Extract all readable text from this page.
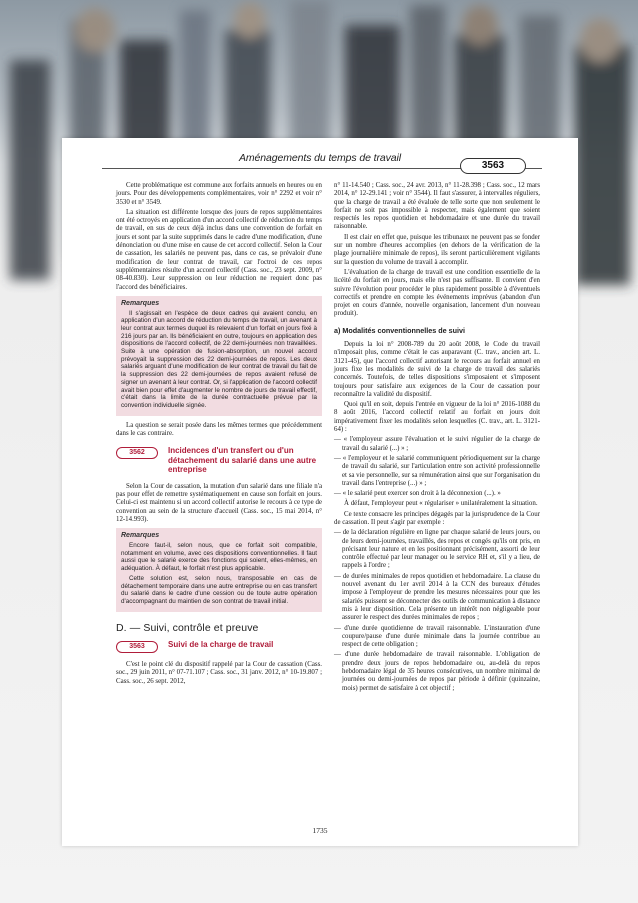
Aménagements du temps de travail
3563

Cette problématique est commune aux forfaits annuels en heures ou en jours. Pour des développements complémentaires, voir n° 2292 et voir n° 3530 et n° 3549.

La situation est différente lorsque des jours de repos supplémentaires ont été octroyés en application d'un accord collectif de réduction du temps de travail, en sus de ceux déjà inclus dans une convention de forfait en jours et sont par la suite supprimés dans le cadre d'une modification, d'une dénonciation ou d'une mise en cause de cet accord collectif. Selon la Cour de cassation, les salariés ne peuvent pas, dans ce cas, se prévaloir d'une modification de leur contrat de travail, car l'octroi de ces repos supplémentaires résulte d'un accord collectif (Cass. soc., 23 sept. 2009, n° 08-40.830). Leur suppression ou leur réduction ne requiert donc pas l'accord des bénéficiaires.

Remarques

Il s'agissait en l'espèce de deux cadres qui avaient conclu, en application d'un accord de réduction du temps de travail, un avenant à leur contrat aux termes duquel ils relevaient d'un forfait en jours fixé à 216 jours par an. Ils bénéficiaient en outre, toujours en application des dispositions de l'accord collectif, de 22 demi-journées non travaillées. Suite à une opération de fusion-absorption, un nouvel accord prévoyait la suppression des 22 demi-journées de repos. Les deux salariés arguant d'une modification de leur contrat de travail du fait de la suppression des 22 demi-journées de repos avaient refusé de signer un avenant à leur contrat. Or, si l'application de l'accord collectif avait bien pour effet d'augmenter le nombre de jours de travail effectif, c'était dans la limite de la durée contractuelle prévue par la convention individuelle signée.

La question se serait posée dans les mêmes termes que précédemment dans le cas contraire.

3562	Incidences d'un transfert ou d'un détachement du salarié dans une autre entreprise

Selon la Cour de cassation, la mutation d'un salarié dans une filiale n'a pas pour effet de remettre systématiquement en cause son forfait en jours. Celui-ci est maintenu si un accord collectif autorise le recours à ce type de convention au sein de la structure d'accueil (Cass. soc., 15 mai 2014, n° 12-14.993).

Remarques

Encore faut-il, selon nous, que ce forfait soit compatible, notamment en volume, avec ces dispositions conventionnelles. Il faut aussi que le salarié exerce des fonctions qui soient, elles-mêmes, en adéquation. À défaut, le forfait n'est plus applicable.

Cette solution est, selon nous, transposable en cas de détachement temporaire dans une autre entreprise ou en cas transfert du salarié dans le cadre d'une cession ou de toute autre opération d'accompagnant du maintien de son contrat de travail initial.

D. — Suivi, contrôle et preuve
3563	Suivi de la charge de travail

C'est le point clé du dispositif rappelé par la Cour de cassation (Cass. soc., 29 juin 2011, n° 07-71.107 ; Cass. soc., 31 janv. 2012, n° 10-19.807 ; Cass. soc., 26 sept. 2012,

n° 11-14.540 ; Cass. soc., 24 avr. 2013, n° 11-28.398 ; Cass. soc., 12 mars 2014, n° 12-29.141 ; voir n° 3544). Il faut s'assurer, à intervalles réguliers, que la charge de travail a été évaluée de telle sorte que non seulement le forfait ne soit pas impossible à respecter, mais également que soient respectés les repos quotidien et hebdomadaire et une durée du travail raisonnable.

Il est clair en effet que, puisque les tribunaux ne peuvent pas se fonder sur un nombre d'heures accomplies (en dehors de la vérification de la plage journalière minimale de repos), ils seront particulièrement vigilants sur la question du volume de travail à accomplir.

L'évaluation de la charge de travail est une condition essentielle de la licéité du forfait en jours, mais elle n'est pas suffisante. Il convient d'en suivre l'évolution pour procéder le plus rapidement possible à d'éventuels correctifs et prendre en compte les événements imprévus (abandon d'un projet en cours d'année, nouvelle organisation, lancement d'un nouveau produit).

a) Modalités conventionnelles de suivi

Depuis la loi n° 2008-789 du 20 août 2008, le Code du travail n'imposait plus, comme c'était le cas auparavant (C. trav., ancien art. L. 3121-45), que l'accord collectif autorisant le recours au forfait annuel en jours fixe les modalités de suivi de la charge de travail des salariés concernés. Toutefois, de telles dispositions s'imposaient et s'imposent toujours pour satisfaire aux exigences de la Cour de cassation pour reconnaître la validité du dispositif.

Quoi qu'il en soit, depuis l'entrée en vigueur de la loi n° 2016-1088 du 8 août 2016, l'accord collectif relatif au forfait en jours doit impérativement fixer les modalités selon lesquelles (C. trav., art. L. 3121-64) :

— « l'employeur assure l'évaluation et le suivi régulier de la charge de travail du salarié (...) » ;

— « l'employeur et le salarié communiquent périodiquement sur la charge de travail du salarié, sur l'articulation entre son activité professionnelle et sa vie personnelle, sur sa rémunération ainsi que sur l'organisation du travail dans l'entreprise (...) » ;

— « le salarié peut exercer son droit à la déconnexion (...). »

À défaut, l'employeur peut « régulariser » unilatéralement la situation.

Ce texte consacre les principes dégagés par la jurisprudence de la Cour de cassation. Il peut s'agir par exemple :

— de la déclaration régulière en ligne par chaque salarié de leurs jours, ou de leurs demi-journées, travaillés, des repos et congés qu'ils ont pris, en précisant leur nature et en les positionnant précisément, assorti de leur contrôle effectué par leur manager ou le service RH et, s'il y a lieu, de rappels à l'ordre ;

— de durées minimales de repos quotidien et hebdomadaire. La clause du nouvel avenant du 1er avril 2014 à la CCN des bureaux d'études impose à l'employeur de prendre les mesures nécessaires pour que les salariés puissent se déconnecter des outils de communication à distance mis à leur disposition. Cela présente un intérêt non négligeable pour assurer le respect des durées minimales de repos ;

— d'une durée quotidienne de travail raisonnable. L'instauration d'une coupure/pause d'une durée minimale dans la journée contribue au respect de cette obligation ;

— d'une durée hebdomadaire de travail raisonnable. L'obligation de prendre deux jours de repos hebdomadaire ou, au-delà du repos hebdomadaire légal de 35 heures consécutives, un nombre minimal de journées ou demi-journées de repos par période à définir (quinzaine, mois) permet de satisfaire à cet objectif ;

1735
